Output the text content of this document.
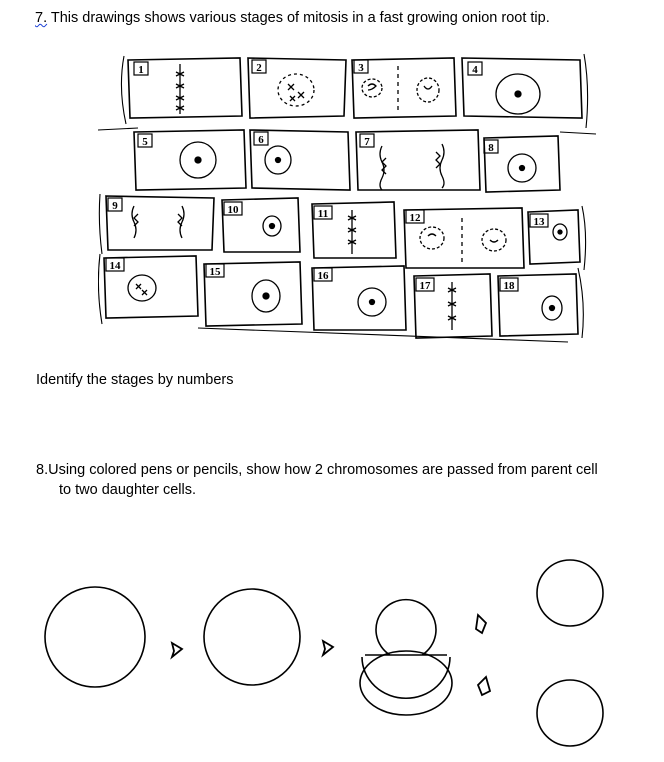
7. This drawings shows various stages of mitosis in a fast growing onion root tip.
1	2	3	4
5	6	7	8
9	10	11	12	13
14	15	16
17	18
Identify the stages by numbers
8.Using colored pens or pencils, show how 2 chromosomes are passed from parent cell
to two daughter cells.
